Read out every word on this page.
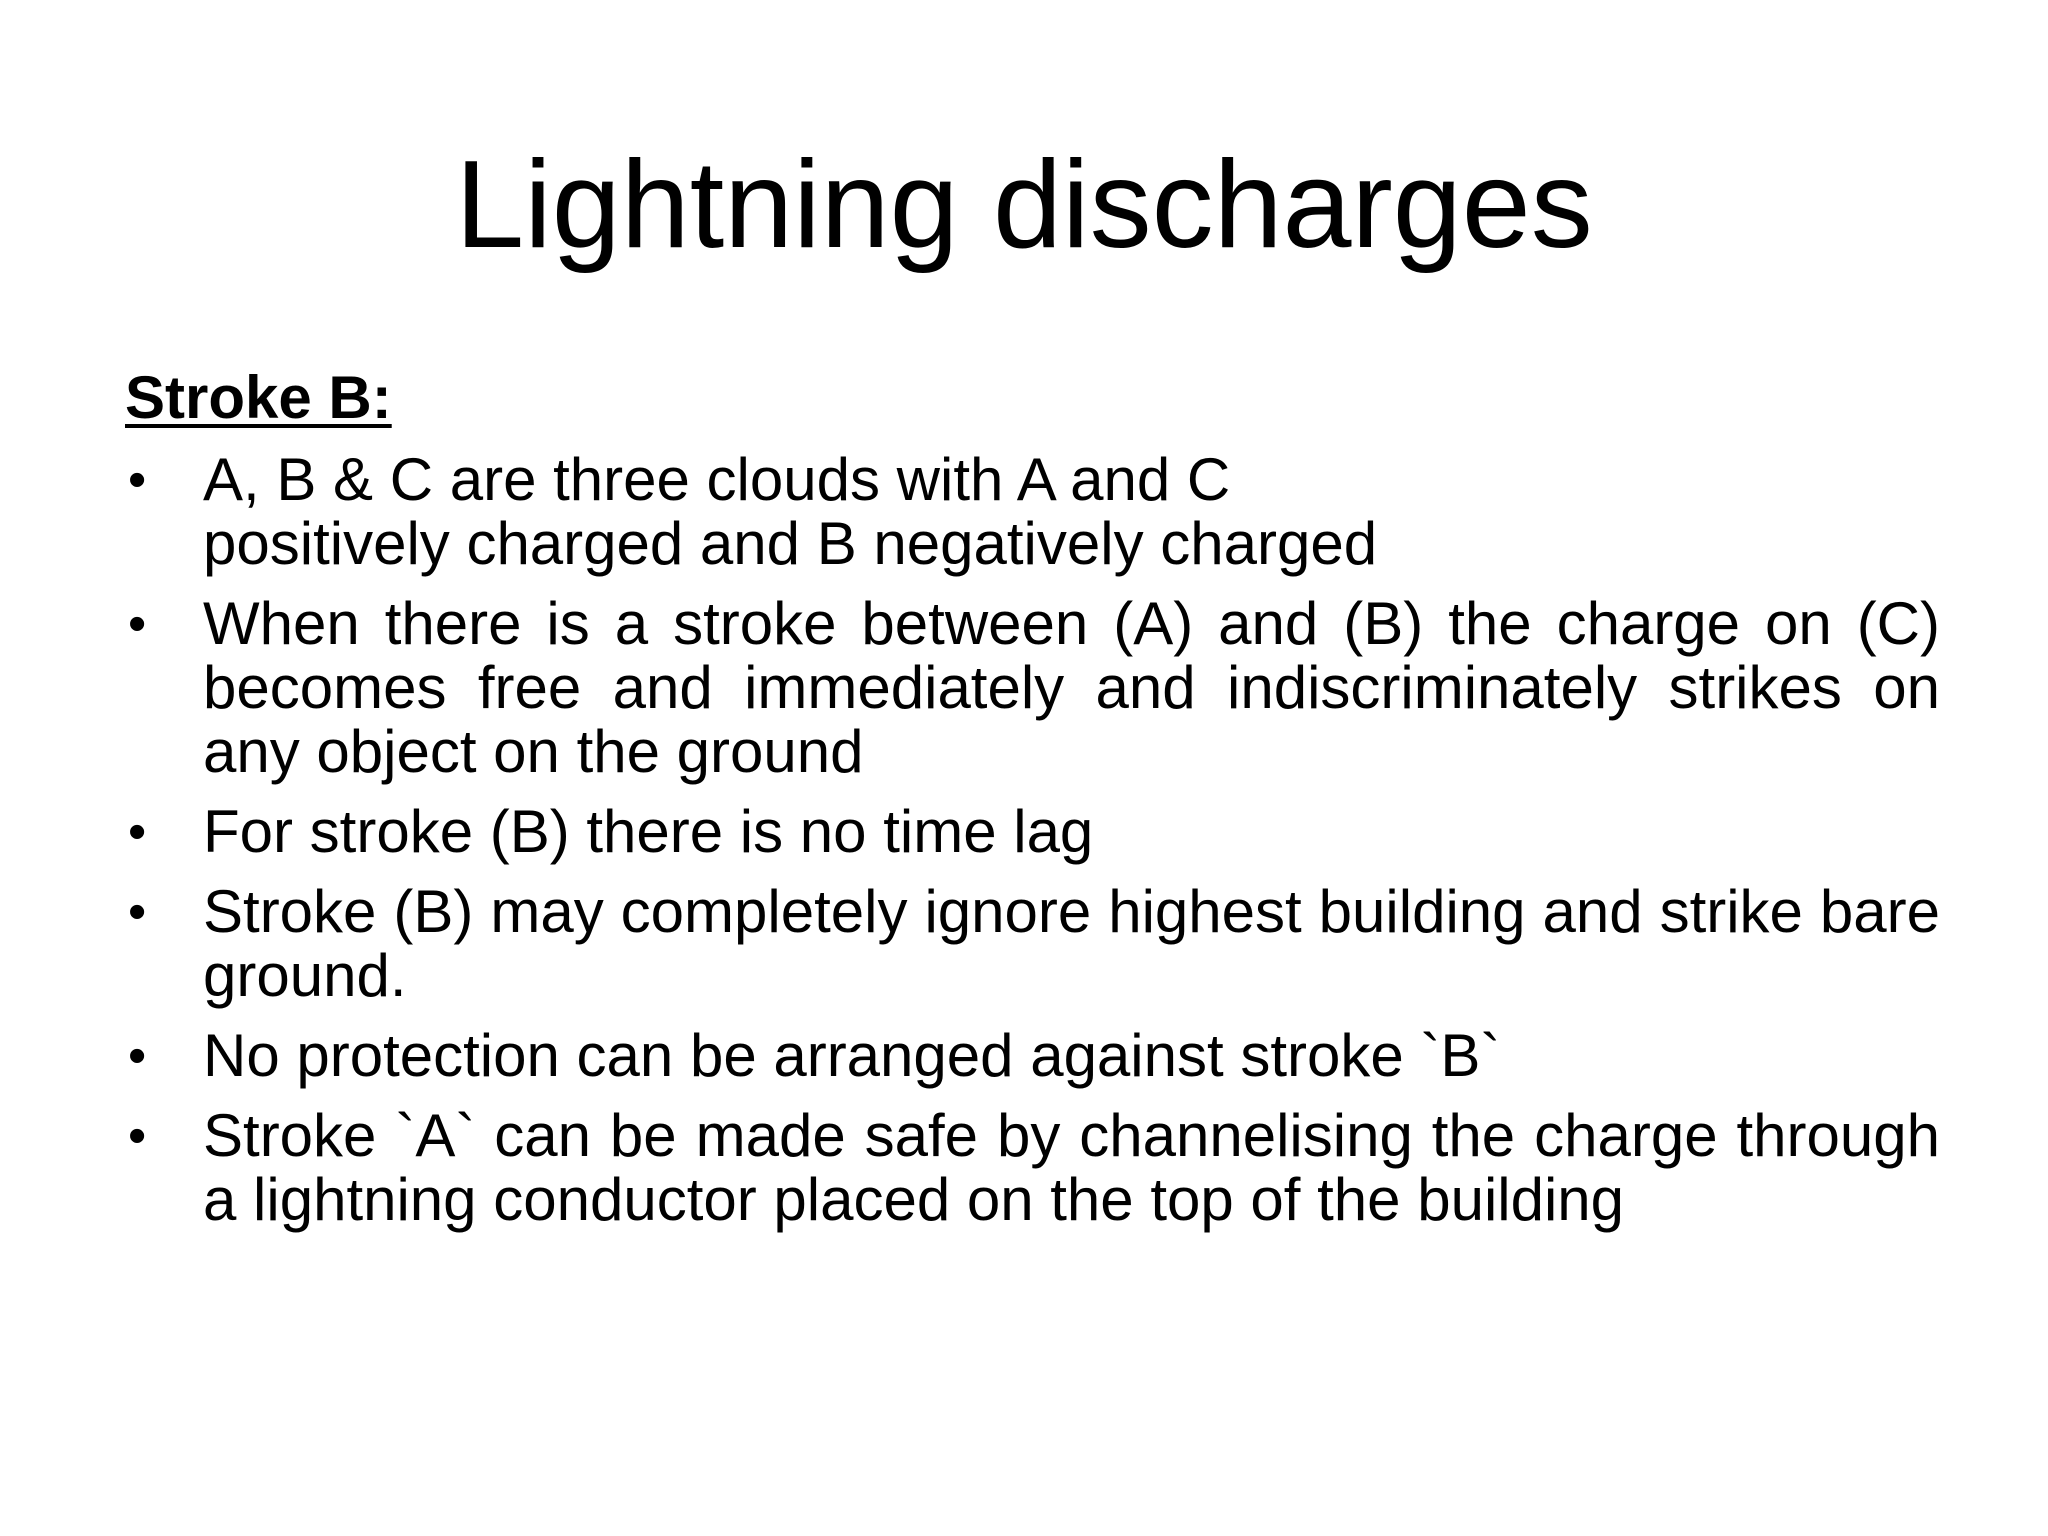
Lightning discharges

Stroke B:

• A, B & C are three clouds with A and C positively charged and B negatively charged
• When there is a stroke between (A) and (B) the charge on (C) becomes free and immediately and indiscriminately strikes on any object on the ground
• For stroke (B) there is no time lag
• Stroke (B) may completely ignore highest building and strike bare ground.
• No protection can be arranged against stroke `B`
• Stroke `A` can be made safe by channelising the charge through a lightning conductor placed on the top of the building
